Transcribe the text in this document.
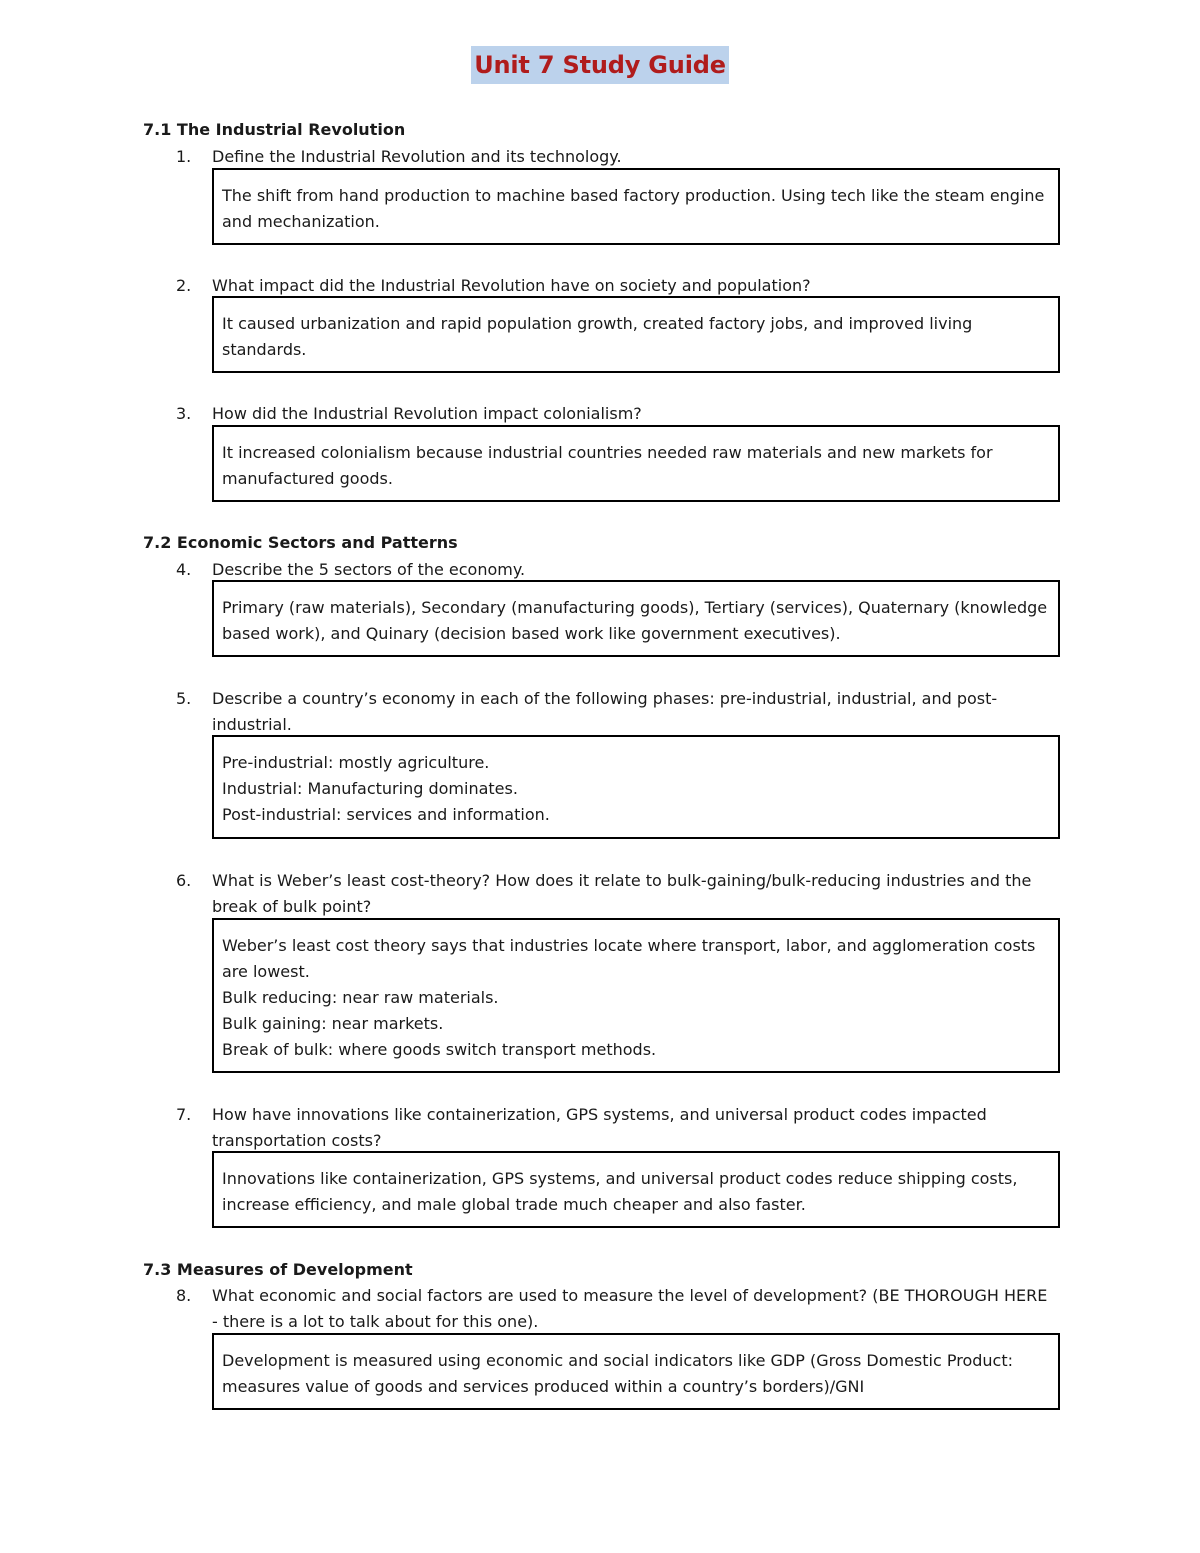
Unit 7 Study Guide
7.1 The Industrial Revolution
1.	Define the Industrial Revolution and its technology.
The shift from hand production to machine based factory production. Using tech like the steam engine and mechanization.
2.	What impact did the Industrial Revolution have on society and population?
It caused urbanization and rapid population growth, created factory jobs, and improved living standards.
3.	How did the Industrial Revolution impact colonialism?
It increased colonialism because industrial countries needed raw materials and new markets for manufactured goods.
7.2 Economic Sectors and Patterns
4.	Describe the 5 sectors of the economy.
Primary (raw materials), Secondary (manufacturing goods), Tertiary (services), Quaternary (knowledge based work), and Quinary (decision based work like government executives).
5.	Describe a country’s economy in each of the following phases: pre-industrial, industrial, and post-industrial.
Pre-industrial: mostly agriculture.
Industrial: Manufacturing dominates.
Post-industrial: services and information.
6.	What is Weber’s least cost-theory? How does it relate to bulk-gaining/bulk-reducing industries and the break of bulk point?
Weber’s least cost theory says that industries locate where transport, labor, and agglomeration costs are lowest.
Bulk reducing: near raw materials.
Bulk gaining: near markets.
Break of bulk: where goods switch transport methods.
7.	How have innovations like containerization, GPS systems, and universal product codes impacted transportation costs?
Innovations like containerization, GPS systems, and universal product codes reduce shipping costs, increase efficiency, and male global trade much cheaper and also faster.
7.3 Measures of Development
8.	What economic and social factors are used to measure the level of development? (BE THOROUGH HERE - there is a lot to talk about for this one).
Development is measured using economic and social indicators like GDP (Gross Domestic Product: measures value of goods and services produced within a country’s borders)/GNI
